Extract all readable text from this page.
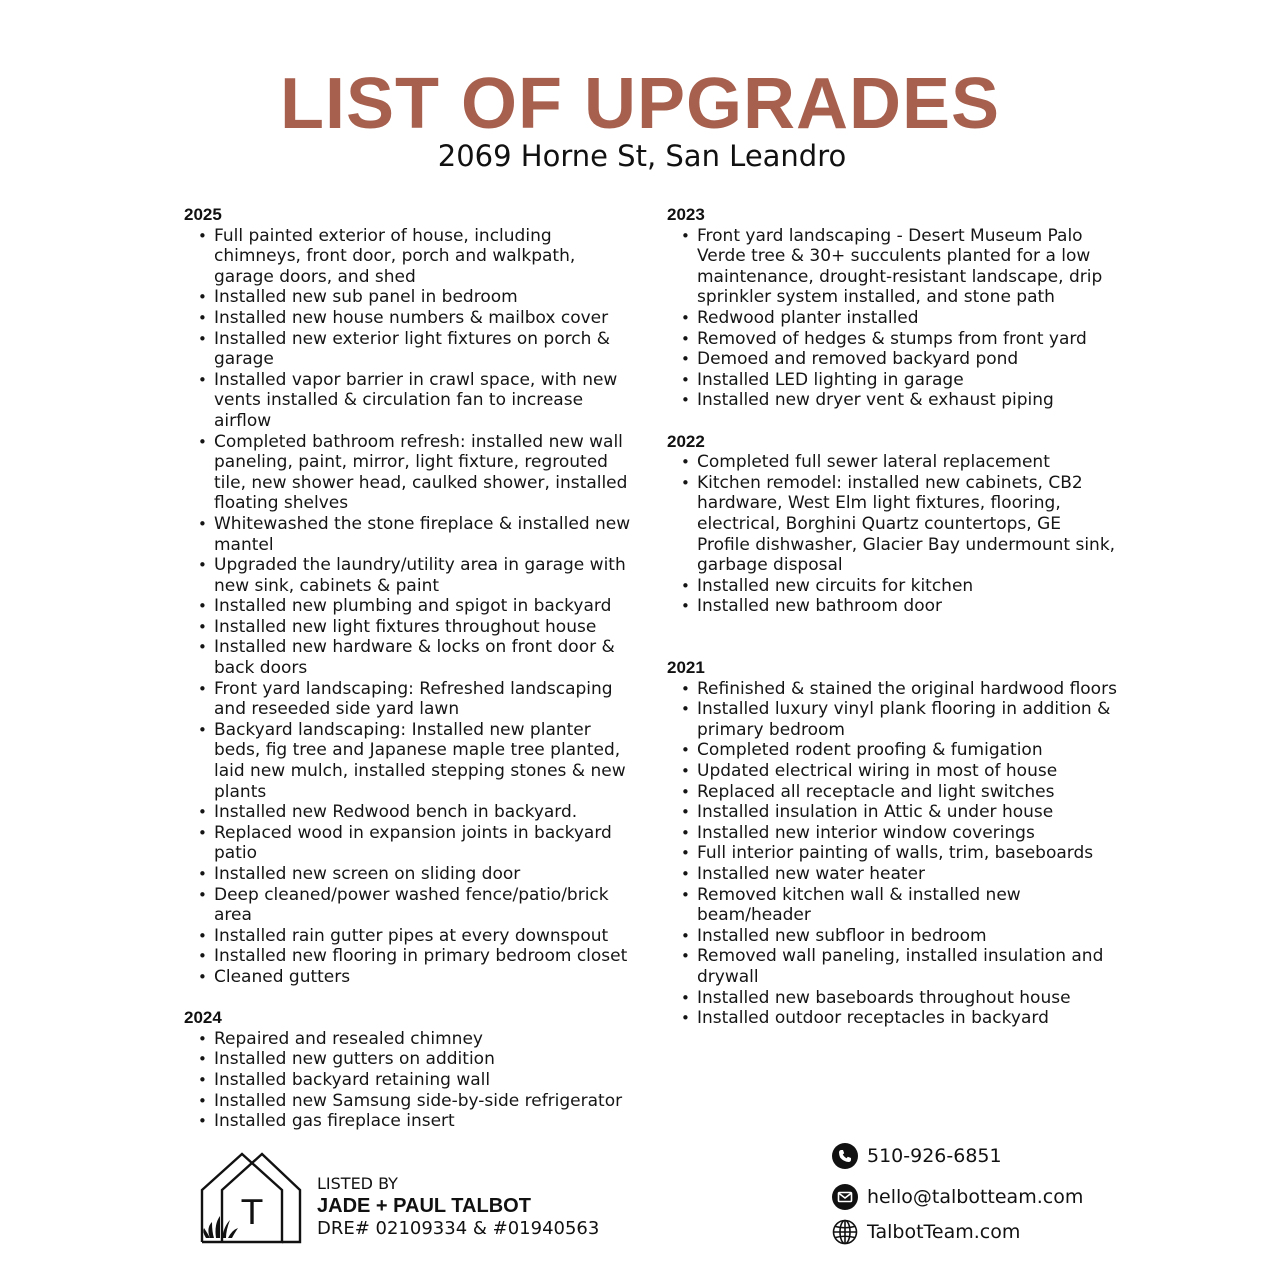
LIST OF UPGRADES
2069 Horne St, San Leandro
2025
• Full painted exterior of house, including chimneys, front door, porch and walkpath, garage doors, and shed
• Installed new sub panel in bedroom
• Installed new house numbers & mailbox cover
• Installed new exterior light fixtures on porch & garage
• Installed vapor barrier in crawl space, with new vents installed & circulation fan to increase airflow
• Completed bathroom refresh: installed new wall paneling, paint, mirror, light fixture, regrouted tile, new shower head, caulked shower, installed floating shelves
• Whitewashed the stone fireplace & installed new mantel
• Upgraded the laundry/utility area in garage with new sink, cabinets & paint
• Installed new plumbing and spigot in backyard
• Installed new light fixtures throughout house
• Installed new hardware & locks on front door & back doors
• Front yard landscaping: Refreshed landscaping and reseeded side yard lawn
• Backyard landscaping: Installed new planter beds, fig tree and Japanese maple tree planted, laid new mulch, installed stepping stones & new plants
• Installed new Redwood bench in backyard.
• Replaced wood in expansion joints in backyard patio
• Installed new screen on sliding door
• Deep cleaned/power washed fence/patio/brick area
• Installed rain gutter pipes at every downspout
• Installed new flooring in primary bedroom closet
• Cleaned gutters
2024
• Repaired and resealed chimney
• Installed new gutters on addition
• Installed backyard retaining wall
• Installed new Samsung side-by-side refrigerator
• Installed gas fireplace insert
2023
• Front yard landscaping - Desert Museum Palo Verde tree & 30+ succulents planted for a low maintenance, drought-resistant landscape, drip sprinkler system installed, and stone path
• Redwood planter installed
• Removed of hedges & stumps from front yard
• Demoed and removed backyard pond
• Installed LED lighting in garage
• Installed new dryer vent & exhaust piping
2022
• Completed full sewer lateral replacement
• Kitchen remodel: installed new cabinets, CB2 hardware, West Elm light fixtures, flooring, electrical, Borghini Quartz countertops, GE Profile dishwasher, Glacier Bay undermount sink, garbage disposal
• Installed new circuits for kitchen
• Installed new bathroom door
2021
• Refinished & stained the original hardwood floors
• Installed luxury vinyl plank flooring in addition & primary bedroom
• Completed rodent proofing & fumigation
• Updated electrical wiring in most of house
• Replaced all receptacle and light switches
• Installed insulation in Attic & under house
• Installed new interior window coverings
• Full interior painting of walls, trim, baseboards
• Installed new water heater
• Removed kitchen wall & installed new beam/header
• Installed new subfloor in bedroom
• Removed wall paneling, installed insulation and drywall
• Installed new baseboards throughout house
• Installed outdoor receptacles in backyard
T
LISTED BY
JADE + PAUL TALBOT
DRE# 02109334 & #01940563
510-926-6851
hello@talbotteam.com
TalbotTeam.com
